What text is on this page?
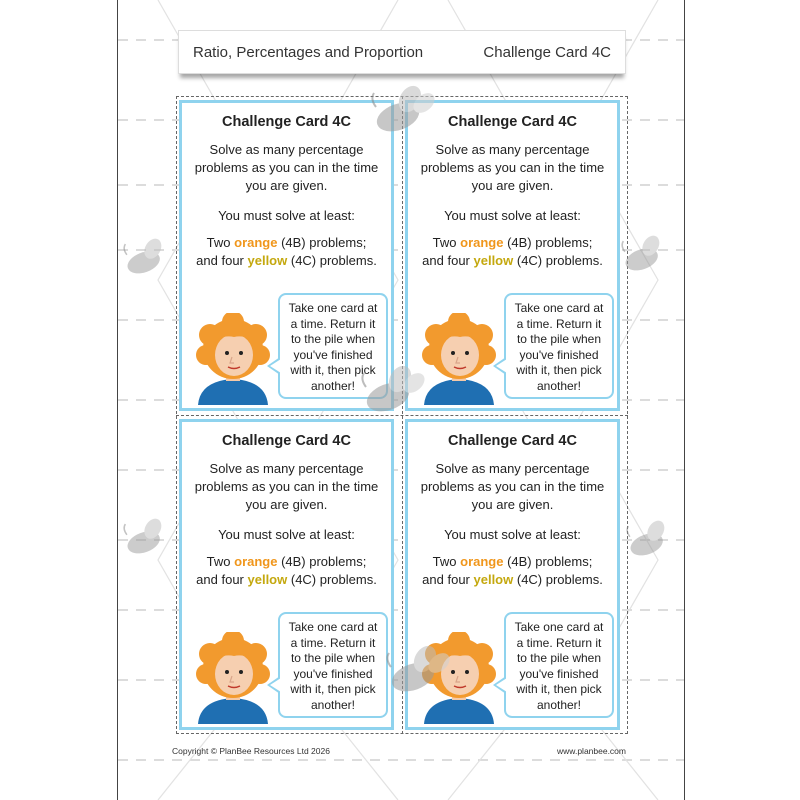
Ratio, Percentages and Proportion	Challenge Card 4C
Challenge Card 4C
Solve as many percentage problems as you can in the time you are given.
You must solve at least:
Two orange (4B) problems;
and four yellow (4C) problems.
Take one card at a time. Return it to the pile when you've finished with it, then pick another!
Challenge Card 4C
Solve as many percentage problems as you can in the time you are given.
You must solve at least:
Two orange (4B) problems;
and four yellow (4C) problems.
Take one card at a time. Return it to the pile when you've finished with it, then pick another!
Challenge Card 4C
Solve as many percentage problems as you can in the time you are given.
You must solve at least:
Two orange (4B) problems;
and four yellow (4C) problems.
Take one card at a time. Return it to the pile when you've finished with it, then pick another!
Challenge Card 4C
Solve as many percentage problems as you can in the time you are given.
You must solve at least:
Two orange (4B) problems;
and four yellow (4C) problems.
Take one card at a time. Return it to the pile when you've finished with it, then pick another!
Copyright © PlanBee Resources Ltd 2026	www.planbee.com
